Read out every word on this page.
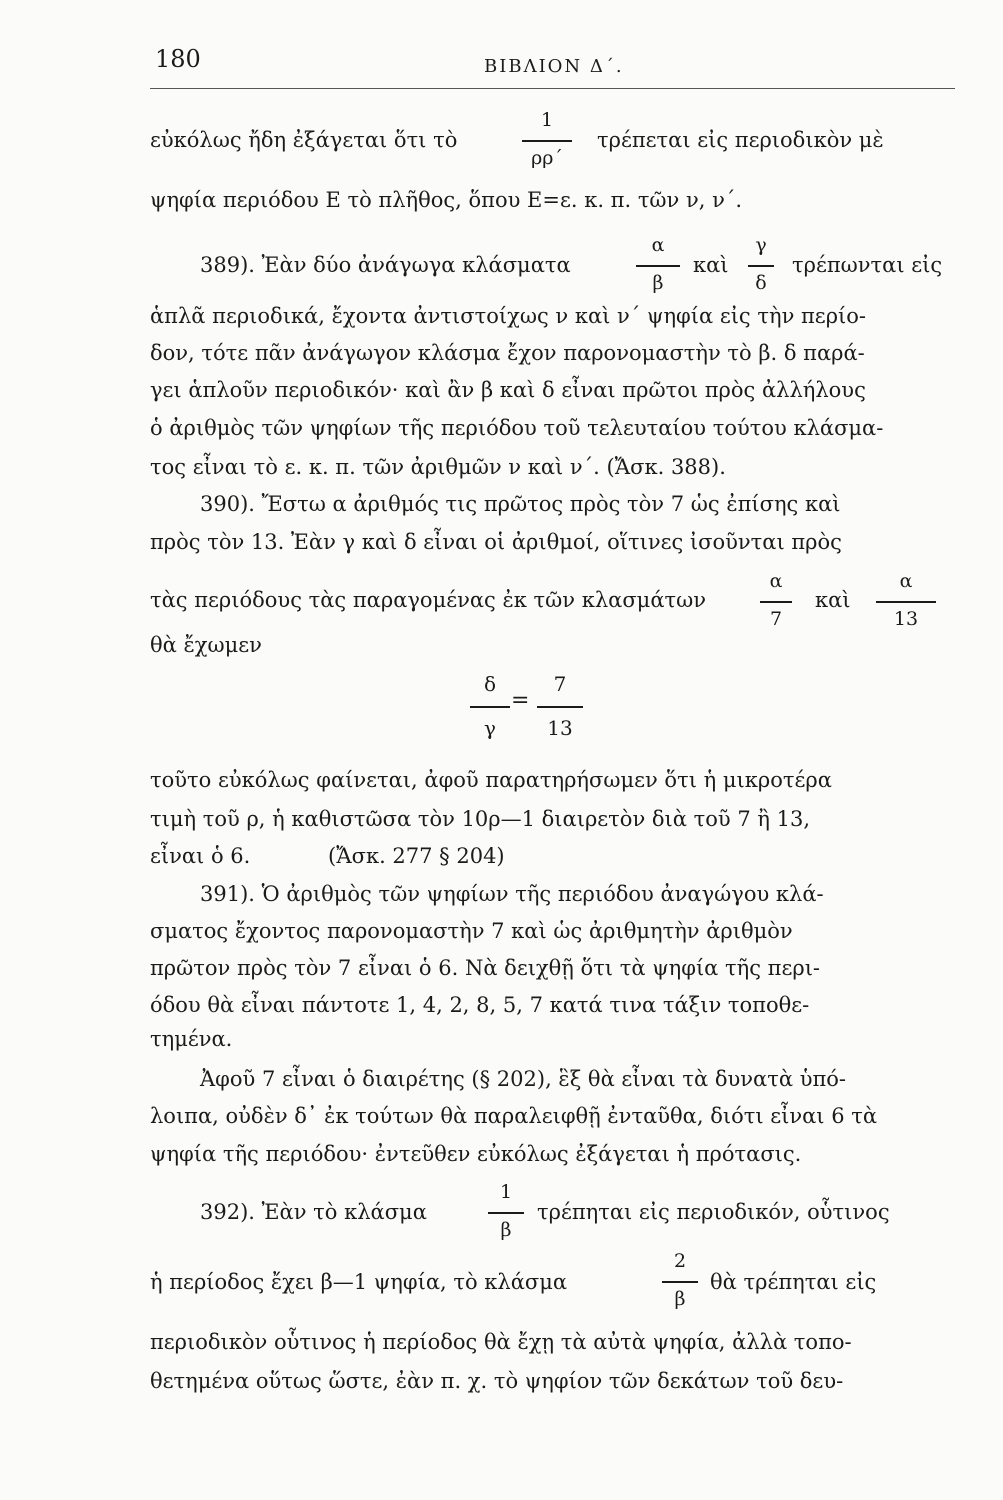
180	ΒΙΒΛΙΟΝ Δ΄.
εὐκόλως ἤδη ἐξάγεται ὅτι τὸ	τρέπεται εἰς περιοδικὸν μὲ
ψηφία περιόδου Ε τὸ πλῆθος, ὅπου Ε=ε. κ. π. τῶν ν, ν΄.
389). Ἐὰν δύο ἀνάγωγα κλάσματα	καὶ	τρέπωνται εἰς
ἁπλᾶ περιοδικά, ἔχοντα ἀντιστοίχως ν καὶ ν΄ ψηφία εἰς τὴν περίο-
δον, τότε πᾶν ἀνάγωγον κλάσμα ἔχον παρονομαστὴν τὸ β. δ παρά-
γει ἁπλοῦν περιοδικόν· καὶ ἂν β καὶ δ εἶναι πρῶτοι πρὸς ἀλλήλους
ὁ ἀριθμὸς τῶν ψηφίων τῆς περιόδου τοῦ τελευταίου τούτου κλάσμα-
τος εἶναι τὸ ε. κ. π. τῶν ἀριθμῶν ν καὶ ν΄. (Ἄσκ. 388).
390). Ἔστω α ἀριθμός τις πρῶτος πρὸς τὸν 7 ὡς ἐπίσης καὶ
πρὸς τὸν 13. Ἐὰν γ καὶ δ εἶναι οἱ ἀριθμοί, οἵτινες ἰσοῦνται πρὸς
τὰς περιόδους τὰς παραγομένας ἐκ τῶν κλασμάτων	καὶ
θὰ ἔχωμεν
τοῦτο εὐκόλως φαίνεται, ἀφοῦ παρατηρήσωμεν ὅτι ἡ μικροτέρα
τιμὴ τοῦ ρ, ἡ καθιστῶσα τὸν 10ρ—1 διαιρετὸν διὰ τοῦ 7 ἢ 13,
εἶναι ὁ 6.	(Ἄσκ. 277 § 204)
391). Ὁ ἀριθμὸς τῶν ψηφίων τῆς περιόδου ἀναγώγου κλά-
σματος ἔχοντος παρονομαστὴν 7 καὶ ὡς ἀριθμητὴν ἀριθμὸν
πρῶτον πρὸς τὸν 7 εἶναι ὁ 6. Νὰ δειχθῇ ὅτι τὰ ψηφία τῆς περι-
όδου θὰ εἶναι πάντοτε 1, 4, 2, 8, 5, 7 κατά τινα τάξιν τοποθε-
τημένα.
Ἀφοῦ 7 εἶναι ὁ διαιρέτης (§ 202), ἓξ θὰ εἶναι τὰ δυνατὰ ὑπό-
λοιπα, οὐδὲν δ᾽ ἐκ τούτων θὰ παραλειφθῇ ἐνταῦθα, διότι εἶναι 6 τὰ
ψηφία τῆς περιόδου· ἐντεῦθεν εὐκόλως ἐξάγεται ἡ πρότασις.
392). Ἐὰν τὸ κλάσμα	τρέπηται εἰς περιοδικόν, οὗτινος
ἡ περίοδος ἔχει β—1 ψηφία, τὸ κλάσμα	θὰ τρέπηται εἰς
περιοδικὸν οὗτινος ἡ περίοδος θὰ ἔχῃ τὰ αὐτὰ ψηφία, ἀλλὰ τοπο-
θετημένα οὕτως ὥστε, ἐὰν π. χ. τὸ ψηφίον τῶν δεκάτων τοῦ δευ-
1
ρρ΄
α
β
γ
δ
α
7
α
13
δ
γ
=
7
13
1
β
2
β
